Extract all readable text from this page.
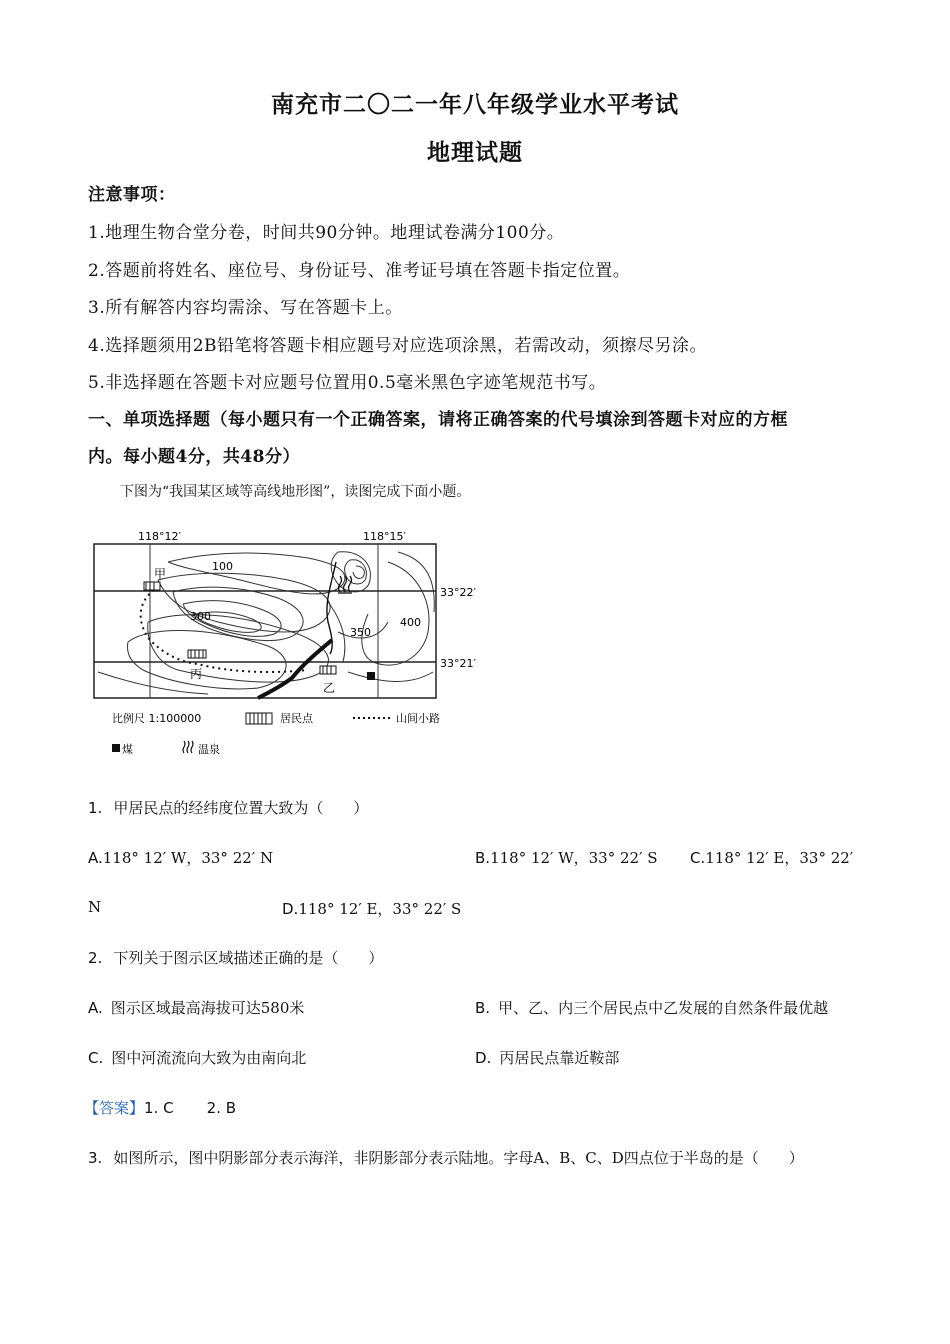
南充市二〇二一年八年级学业水平考试
地理试题
注意事项：
1.地理生物合堂分卷，时间共90分钟。地理试卷满分100分。
2.答题前将姓名、座位号、身份证号、准考证号填在答题卡指定位置。
3.所有解答内容均需涂、写在答题卡上。
4.选择题须用2B铅笔将答题卡相应题号对应选项涂黑，若需改动，须擦尽另涂。
5.非选择题在答题卡对应题号位置用0.5毫米黑色字迹笔规范书写。
一、单项选择题（每小题只有一个正确答案，请将正确答案的代号填涂到答题卡对应的方框
内。每小题4分，共48分）
下图为“我国某区域等高线地形图”，读图完成下面小题。
118°12′	118°15′
33°22′
33°21′
100
300
350
400
甲
丙
乙
比例尺 1:100000	居民点	山间小路
煤	温泉
1. 甲居民点的经纬度位置大致为（　　）
A.118° 12′ W，33° 22′ N	B.118° 12′ W，33° 22′ S C.118° 12′ E，33° 22′
N	D.118° 12′ E，33° 22′ S
2. 下列关于图示区域描述正确的是（　　）
A. 图示区域最高海拔可达580米	B. 甲、乙、内三个居民点中乙发展的自然条件最优越
C. 图中河流流向大致为由南向北	D. 丙居民点靠近鞍部
【答案】1. C 2. B
3. 如图所示，图中阴影部分表示海洋，非阴影部分表示陆地。字母A、B、C、D四点位于半岛的是（　　）
